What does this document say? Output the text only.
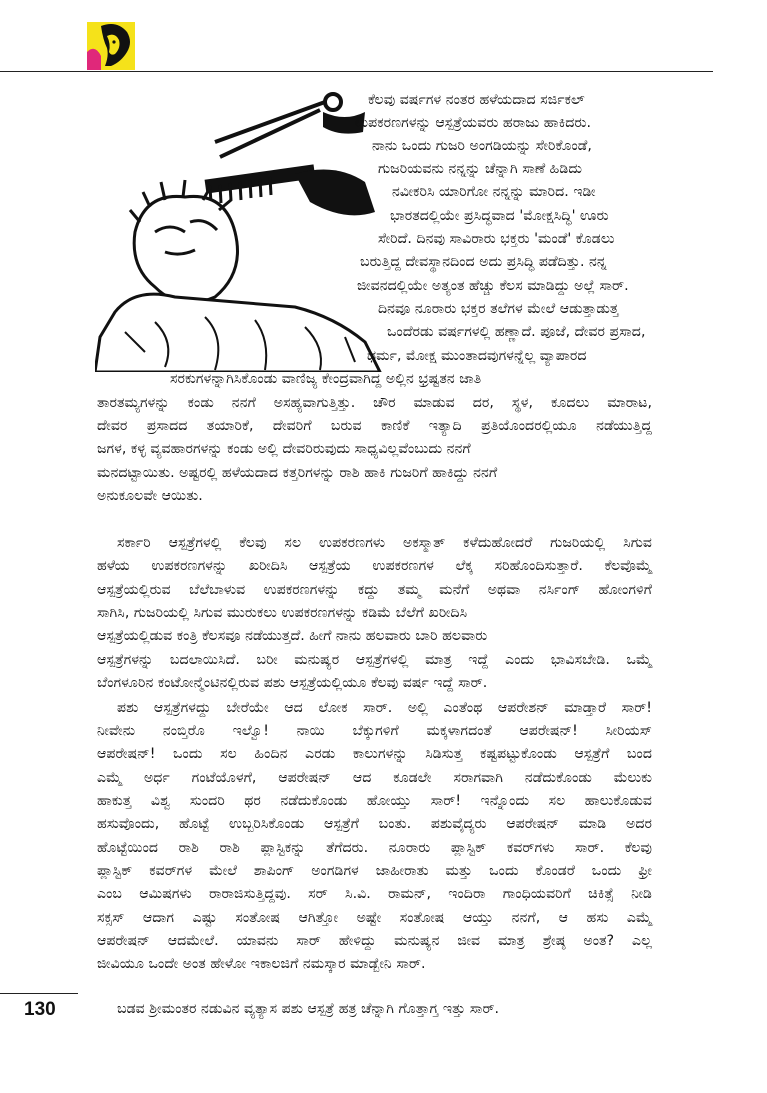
ಕೆಲವು ವರ್ಷಗಳ ನಂತರ ಹಳೆಯದಾದ ಸರ್ಜಿಕಲ್
ಉಪಕರಣಗಳನ್ನು ಆಸ್ಪತ್ರೆಯವರು ಹರಾಜು ಹಾಕಿದರು.
ನಾನು ಒಂದು ಗುಜರಿ ಅಂಗಡಿಯನ್ನು ಸೇರಿಕೊಂಡೆ,
ಗುಜರಿಯವನು ನನ್ನನ್ನು ಚೆನ್ನಾಗಿ ಸಾಣೆ ಹಿಡಿದು
ನವೀಕರಿಸಿ ಯಾರಿಗೋ ನನ್ನನ್ನು ಮಾರಿದ. ಇಡೀ
ಭಾರತದಲ್ಲಿಯೇ ಪ್ರಸಿದ್ಧವಾದ 'ಮೋಕ್ಷಸಿದ್ಧಿ' ಊರು
ಸೇರಿದೆ. ದಿನವು ಸಾವಿರಾರು ಭಕ್ತರು 'ಮಂಡೆ' ಕೊಡಲು
ಬರುತ್ತಿದ್ದ ದೇವಸ್ಥಾನದಿಂದ ಅದು ಪ್ರಸಿದ್ಧಿ ಪಡೆದಿತ್ತು. ನನ್ನ
ಜೀವನದಲ್ಲಿಯೇ ಅತ್ಯಂತ ಹೆಚ್ಚು ಕೆಲಸ ಮಾಡಿದ್ದು ಅಲ್ಲೆ ಸಾರ್.
ದಿನವೂ ನೂರಾರು ಭಕ್ತರ ತಲೆಗಳ ಮೇಲೆ ಆಡುತ್ತಾಡುತ್ತ
ಒಂದೆರಡು ವರ್ಷಗಳಲ್ಲಿ ಹಣ್ಣಾದೆ. ಪೂಜೆ, ದೇವರ ಪ್ರಸಾದ,
ಧರ್ಮ, ಮೋಕ್ಷ ಮುಂತಾದವುಗಳನ್ನೆಲ್ಲ ವ್ಯಾಪಾರದ
ಸರಕುಗಳನ್ನಾಗಿಸಿಕೊಂಡು ವಾಣಿಜ್ಯ ಕೇಂದ್ರವಾಗಿದ್ದ ಅಲ್ಲಿನ ಭ್ರಷ್ಟತನ ಜಾತಿ
ತಾರತಮ್ಯಗಳನ್ನು ಕಂಡು ನನಗೆ ಅಸಹ್ಯವಾಗುತ್ತಿತ್ತು. ಚೌರ ಮಾಡುವ ದರ, ಸ್ಥಳ, ಕೂದಲು ಮಾರಾಟ,
ದೇವರ ಪ್ರಸಾದದ ತಯಾರಿಕೆ, ದೇವರಿಗೆ ಬರುವ ಕಾಣಿಕೆ ಇತ್ಯಾದಿ ಪ್ರತಿಯೊಂದರಲ್ಲಿಯೂ ನಡೆಯುತ್ತಿದ್ದ
ಜಗಳ, ಕಳ್ಳ ವ್ಯವಹಾರಗಳನ್ನು ಕಂಡು ಅಲ್ಲಿ ದೇವರಿರುವುದು ಸಾಧ್ಯವಿಲ್ಲವೆಂಬುದು ನನಗೆ
ಮನದಟ್ಟಾಯಿತು. ಅಷ್ಟರಲ್ಲಿ ಹಳೆಯದಾದ ಕತ್ತರಿಗಳನ್ನು ರಾಶಿ ಹಾಕಿ ಗುಜರಿಗೆ ಹಾಕಿದ್ದು ನನಗೆ
ಅನುಕೂಲವೇ ಆಯಿತು.
ಸರ್ಕಾರಿ ಆಸ್ಪತ್ರೆಗಳಲ್ಲಿ ಕೆಲವು ಸಲ ಉಪಕರಣಗಳು ಅಕಸ್ಮಾತ್ ಕಳೆದುಹೋದರೆ ಗುಜರಿಯಲ್ಲಿ ಸಿಗುವ
ಹಳೆಯ ಉಪಕರಣಗಳನ್ನು ಖರೀದಿಸಿ ಆಸ್ಪತ್ರೆಯ ಉಪಕರಣಗಳ ಲೆಕ್ಕ ಸರಿಹೊಂದಿಸುತ್ತಾರೆ. ಕೆಲವೊಮ್ಮೆ
ಆಸ್ಪತ್ರೆಯಲ್ಲಿರುವ ಬೆಲೆಬಾಳುವ ಉಪಕರಣಗಳನ್ನು ಕದ್ದು ತಮ್ಮ ಮನೆಗೆ ಅಥವಾ ನರ್ಸಿಂಗ್ ಹೋಂಗಳಿಗೆ
ಸಾಗಿಸಿ, ಗುಜರಿಯಲ್ಲಿ ಸಿಗುವ ಮುರುಕಲು ಉಪಕರಣಗಳನ್ನು ಕಡಿಮೆ ಬೆಲೆಗೆ ಖರೀದಿಸಿ
ಆಸ್ಪತ್ರೆಯಲ್ಲಿಡುವ ಕಂತ್ರಿ ಕೆಲಸವೂ ನಡೆಯುತ್ತದೆ. ಹೀಗೆ ನಾನು ಹಲವಾರು ಬಾರಿ ಹಲವಾರು
ಆಸ್ಪತ್ರೆಗಳನ್ನು ಬದಲಾಯಿಸಿದೆ. ಬರೀ ಮನುಷ್ಯರ ಆಸ್ಪತ್ರೆಗಳಲ್ಲಿ ಮಾತ್ರ ಇದ್ದೆ ಎಂದು ಭಾವಿಸಬೇಡಿ. ಒಮ್ಮೆ
ಬೆಂಗಳೂರಿನ ಕಂಟೋನ್ಮೆಂಟಿನಲ್ಲಿರುವ ಪಶು ಆಸ್ಪತ್ರೆಯಲ್ಲಿಯೂ ಕೆಲವು ವರ್ಷ ಇದ್ದೆ ಸಾರ್.
ಪಶು ಆಸ್ಪತ್ರೆಗಳದ್ದು ಬೇರೆಯೇ ಆದ ಲೋಕ ಸಾರ್. ಅಲ್ಲಿ ಎಂತೆಂಥ ಆಪರೇಶನ್ ಮಾಡ್ತಾರೆ ಸಾರ್!
ನೀವೇನು ನಂಬ್ತಿರೊ ಇಲ್ವೊ! ನಾಯಿ ಬೆಕ್ಕುಗಳಿಗೆ ಮಕ್ಕಳಾಗದಂತೆ ಆಪರೇಷನ್! ಸೀರಿಯಸ್
ಆಪರೇಷನ್! ಒಂದು ಸಲ ಹಿಂದಿನ ಎರಡು ಕಾಲುಗಳನ್ನು ಸಿಡಿಸುತ್ತ ಕಷ್ಟಪಟ್ಟುಕೊಂಡು ಆಸ್ಪತ್ರೆಗೆ ಬಂದ
ಎಮ್ಮೆ ಅರ್ಧ ಗಂಟೆಯೊಳಗೆ, ಆಪರೇಷನ್ ಆದ ಕೂಡಲೇ ಸರಾಗವಾಗಿ ನಡೆದುಕೊಂಡು ಮೆಲುಕು
ಹಾಕುತ್ತ ವಿಶ್ವ ಸುಂದರಿ ಥರ ನಡೆದುಕೊಂಡು ಹೋಯ್ತು ಸಾರ್! ಇನ್ನೊಂದು ಸಲ ಹಾಲುಕೊಡುವ
ಹಸುವೊಂದು, ಹೊಟ್ಟೆ ಉಬ್ಬರಿಸಿಕೊಂಡು ಆಸ್ಪತ್ರೆಗೆ ಬಂತು. ಪಶುವೈದ್ಯರು ಆಪರೇಷನ್ ಮಾಡಿ ಅದರ
ಹೊಟ್ಟೆಯಿಂದ ರಾಶಿ ರಾಶಿ ಪ್ಲಾಸ್ಟಿಕನ್ನು ತೆಗೆದರು. ನೂರಾರು ಪ್ಲಾಸ್ಟಿಕ್ ಕವರ್‌ಗಳು ಸಾರ್. ಕೆಲವು
ಪ್ಲಾಸ್ಟಿಕ್ ಕವರ್‌ಗಳ ಮೇಲೆ ಶಾಪಿಂಗ್ ಅಂಗಡಿಗಳ ಜಾಹೀರಾತು ಮತ್ತು ಒಂದು ಕೊಂಡರೆ ಒಂದು ಫ್ರೀ
ಎಂಬ ಆಮಿಷಗಳು ರಾರಾಜಿಸುತ್ತಿದ್ದವು. ಸರ್ ಸಿ.ವಿ. ರಾಮನ್, ಇಂದಿರಾ ಗಾಂಧಿಯವರಿಗೆ ಚಿಕಿತ್ಸೆ ನೀಡಿ
ಸಕ್ಸಸ್ ಆದಾಗ ಎಷ್ಟು ಸಂತೋಷ ಆಗಿತ್ತೋ ಅಷ್ಟೇ ಸಂತೋಷ ಆಯ್ತು ನನಗೆ, ಆ ಹಸು ಎಮ್ಮೆ
ಆಪರೇಷನ್ ಆದಮೇಲೆ. ಯಾವನು ಸಾರ್ ಹೇಳಿದ್ದು ಮನುಷ್ಯನ ಜೀವ ಮಾತ್ರ ಶ್ರೇಷ್ಠ ಅಂತ? ಎಲ್ಲ
ಜೀವಿಯೂ ಒಂದೇ ಅಂತ ಹೇಳೋ ಇಕಾಲಜಿಗೆ ನಮಸ್ಕಾರ ಮಾಡ್ಬೇನಿ ಸಾರ್.
ಬಡವ ಶ್ರೀಮಂತರ ನಡುವಿನ ವ್ಯತ್ಯಾಸ ಪಶು ಆಸ್ಪತ್ರೆ ಹತ್ರ ಚೆನ್ನಾಗಿ ಗೊತ್ತಾಗ್ತ ಇತ್ತು ಸಾರ್.
130
